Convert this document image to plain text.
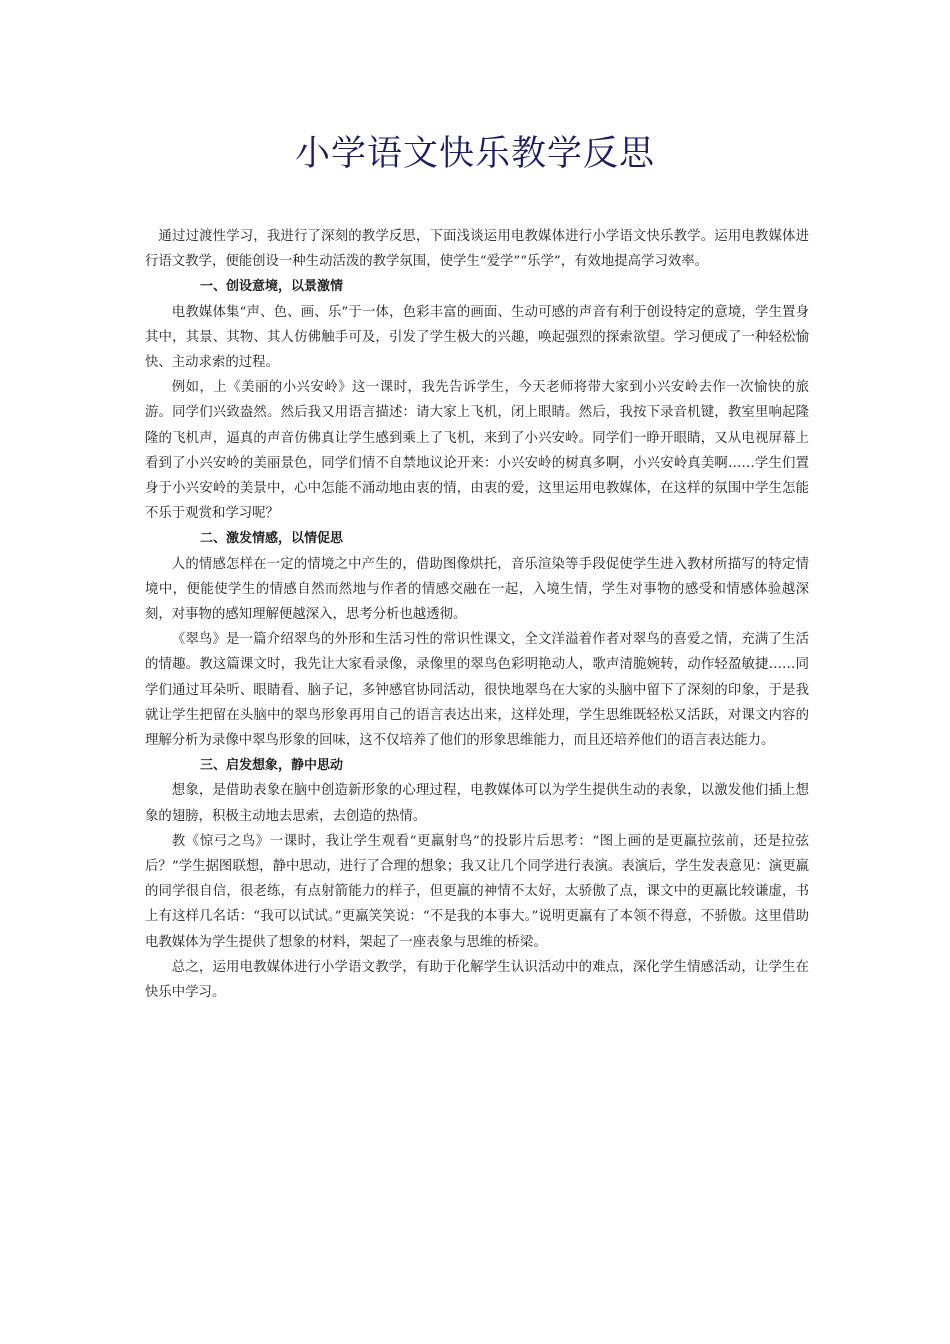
小学语文快乐教学反思

通过过渡性学习，我进行了深刻的教学反思，下面浅谈运用电教媒体进行小学语文快乐教学。运用电教媒体进行语文教学，便能创设一种生动活泼的教学氛围，使学生“爱学”“乐学”，有效地提高学习效率。

一、创设意境，以景激情

电教媒体集“声、色、画、乐”于一体，色彩丰富的画面、生动可感的声音有利于创设特定的意境，学生置身其中，其景、其物、其人仿佛触手可及，引发了学生极大的兴趣，唤起强烈的探索欲望。学习便成了一种轻松愉快、主动求索的过程。

例如，上《美丽的小兴安岭》这一课时，我先告诉学生，今天老师将带大家到小兴安岭去作一次愉快的旅游。同学们兴致盎然。然后我又用语言描述：请大家上飞机，闭上眼睛。然后，我按下录音机键，教室里响起隆隆的飞机声，逼真的声音仿佛真让学生感到乘上了飞机，来到了小兴安岭。同学们一睁开眼睛，又从电视屏幕上看到了小兴安岭的美丽景色，同学们情不自禁地议论开来：小兴安岭的树真多啊，小兴安岭真美啊……学生们置身于小兴安岭的美景中，心中怎能不涌动地由衷的情，由衷的爱，这里运用电教媒体，在这样的氛围中学生怎能不乐于观赏和学习呢？

二、激发情感，以情促思

人的情感怎样在一定的情境之中产生的，借助图像烘托，音乐渲染等手段促使学生进入教材所描写的特定情境中，便能使学生的情感自然而然地与作者的情感交融在一起，入境生情，学生对事物的感受和情感体验越深刻，对事物的感知理解便越深入，思考分析也越透彻。

《翠鸟》是一篇介绍翠鸟的外形和生活习性的常识性课文，全文洋溢着作者对翠鸟的喜爱之情，充满了生活的情趣。教这篇课文时，我先让大家看录像，录像里的翠鸟色彩明艳动人，歌声清脆婉转，动作轻盈敏捷……同学们通过耳朵听、眼睛看、脑子记，多钟感官协同活动，很快地翠鸟在大家的头脑中留下了深刻的印象，于是我就让学生把留在头脑中的翠鸟形象再用自己的语言表达出来，这样处理，学生思维既轻松又活跃，对课文内容的理解分析为录像中翠鸟形象的回味，这不仅培养了他们的形象思维能力，而且还培养他们的语言表达能力。

三、启发想象，静中思动

想象，是借助表象在脑中创造新形象的心理过程，电教媒体可以为学生提供生动的表象，以激发他们插上想象的翅膀，积极主动地去思索，去创造的热情。

教《惊弓之鸟》一课时，我让学生观看“更羸射鸟”的投影片后思考：“图上画的是更羸拉弦前，还是拉弦后？”学生据图联想，静中思动，进行了合理的想象；我又让几个同学进行表演。表演后，学生发表意见：演更羸的同学很自信，很老练，有点射箭能力的样子，但更羸的神情不太好，太骄傲了点，课文中的更羸比较谦虚，书上有这样几名话：“我可以试试。”更羸笑笑说：“不是我的本事大。”说明更羸有了本领不得意，不骄傲。这里借助电教媒体为学生提供了想象的材料，架起了一座表象与思维的桥梁。

总之，运用电教媒体进行小学语文教学，有助于化解学生认识活动中的难点，深化学生情感活动，让学生在快乐中学习。
